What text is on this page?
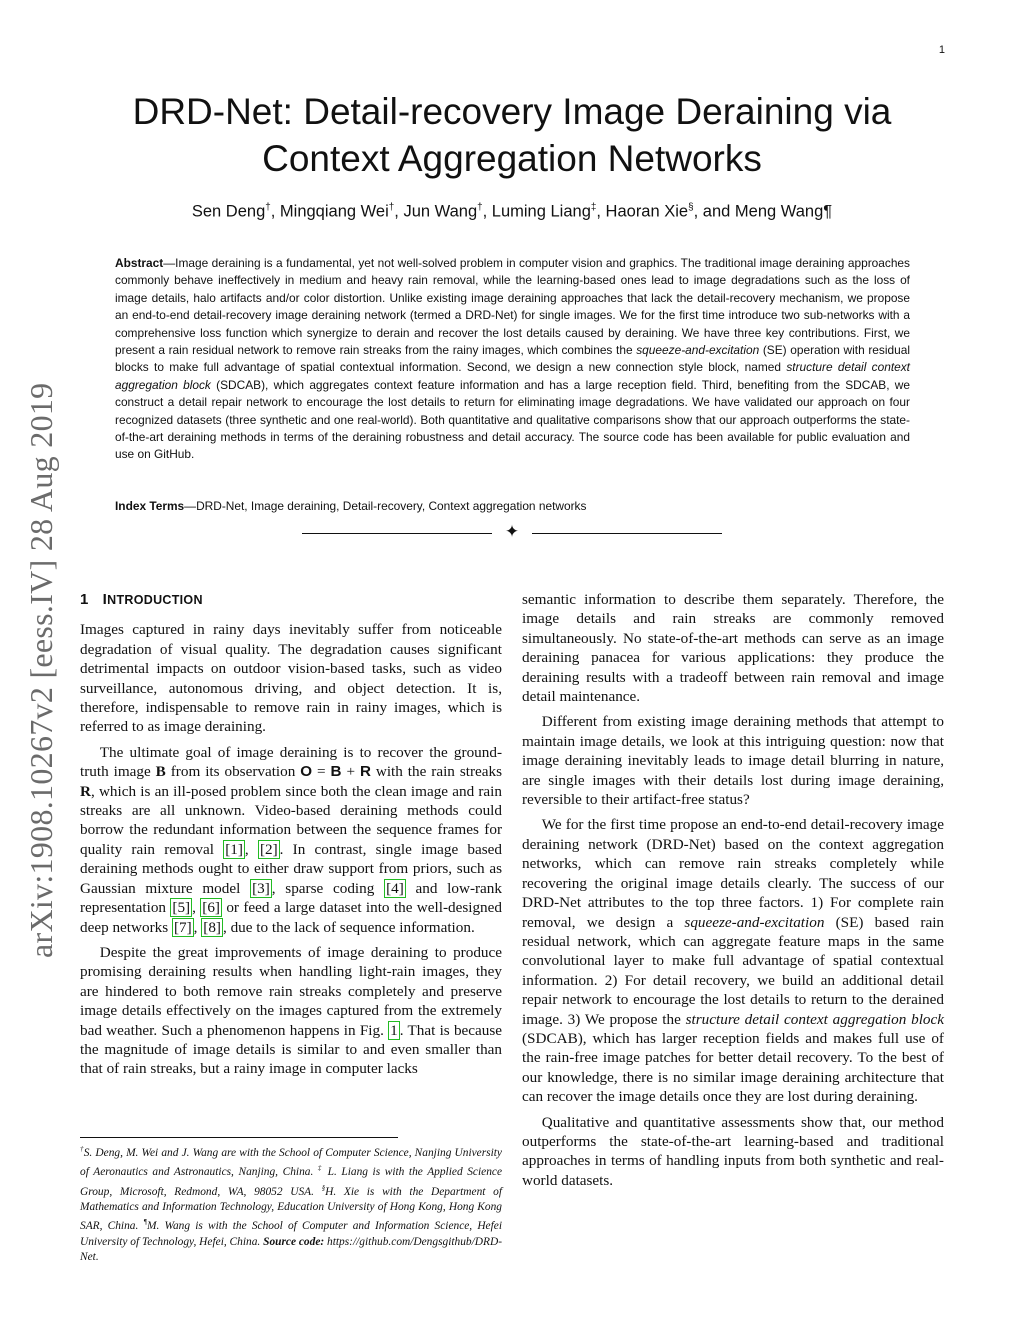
1
arXiv:1908.10267v2 [eess.IV] 28 Aug 2019
DRD-Net: Detail-recovery Image Deraining via
Context Aggregation Networks
Sen Deng†, Mingqiang Wei†, Jun Wang†, Luming Liang‡, Haoran Xie§, and Meng Wang¶

Abstract—Image deraining is a fundamental, yet not well-solved problem in computer vision and graphics. The traditional image deraining approaches commonly behave ineffectively in medium and heavy rain removal, while the learning-based ones lead to image degradations such as the loss of image details, halo artifacts and/or color distortion. Unlike existing image deraining approaches that lack the detail-recovery mechanism, we propose an end-to-end detail-recovery image deraining network (termed a DRD-Net) for single images. We for the first time introduce two sub-networks with a comprehensive loss function which synergize to derain and recover the lost details caused by deraining. We have three key contributions. First, we present a rain residual network to remove rain streaks from the rainy images, which combines the squeeze-and-excitation (SE) operation with residual blocks to make full advantage of spatial contextual information. Second, we design a new connection style block, named structure detail context aggregation block (SDCAB), which aggregates context feature information and has a large reception field. Third, benefiting from the SDCAB, we construct a detail repair network to encourage the lost details to return for eliminating image degradations. We have validated our approach on four recognized datasets (three synthetic and one real-world). Both quantitative and qualitative comparisons show that our approach outperforms the state-of-the-art deraining methods in terms of the deraining robustness and detail accuracy. The source code has been available for public evaluation and use on GitHub.

Index Terms—DRD-Net, Image deraining, Detail-recovery, Context aggregation networks

✦
1 INTRODUCTION

Images captured in rainy days inevitably suffer from noticeable degradation of visual quality. The degradation causes significant detrimental impacts on outdoor vision-based tasks, such as video surveillance, autonomous driving, and object detection. It is, therefore, indispensable to remove rain in rainy images, which is referred to as image deraining.

The ultimate goal of image deraining is to recover the ground-truth image B from its observation O = B + R with the rain streaks R, which is an ill-posed problem since both the clean image and rain streaks are all unknown. Video-based deraining methods could borrow the redundant information between the sequence frames for quality rain removal [1] , [2] . In contrast, single image based deraining methods ought to either draw support from priors, such as Gaussian mixture model [3] , sparse coding [4] and low-rank representation [5] , [6] or feed a large dataset into the well-designed deep networks [7] , [8] , due to the lack of sequence information.

Despite the great improvements of image deraining to produce promising deraining results when handling light-rain images, they are hindered to both remove rain streaks completely and preserve image details effectively on the images captured from the extremely bad weather. Such a phenomenon happens in Fig. 1 . That is because the magnitude of image details is similar to and even smaller than that of rain streaks, but a rainy image in computer lacks

semantic information to describe them separately. Therefore, the image details and rain streaks are commonly removed simultaneously. No state-of-the-art methods can serve as an image deraining panacea for various applications: they produce the deraining results with a tradeoff between rain removal and image detail maintenance.

Different from existing image deraining methods that attempt to maintain image details, we look at this intriguing question: now that image deraining inevitably leads to image detail blurring in nature, are single images with their details lost during image deraining, reversible to their artifact-free status?

We for the first time propose an end-to-end detail-recovery image deraining network (DRD-Net) based on the context aggregation networks, which can remove rain streaks completely while recovering the original image details clearly. The success of our DRD-Net attributes to the top three factors. 1) For complete rain removal, we design a squeeze-and-excitation (SE) based rain residual network, which can aggregate feature maps in the same convolutional layer to make full advantage of spatial contextual information. 2) For detail recovery, we build an additional detail repair network to encourage the lost details to return to the derained image. 3) We propose the structure detail context aggregation block (SDCAB), which has larger reception fields and makes full use of the rain-free image patches for better detail recovery. To the best of our knowledge, there is no similar image deraining architecture that can recover the image details once they are lost during deraining.

Qualitative and quantitative assessments show that, our method outperforms the state-of-the-art learning-based and traditional approaches in terms of handling inputs from both synthetic and real-world datasets.

†S. Deng, M. Wei and J. Wang are with the School of Computer Science, Nanjing University of Aeronautics and Astronautics, Nanjing, China. ‡ L. Liang is with the Applied Science Group, Microsoft, Redmond, WA, 98052 USA. §H. Xie is with the Department of Mathematics and Information Technology, Education University of Hong Kong, Hong Kong SAR, China. ¶M. Wang is with the School of Computer and Information Science, Hefei University of Technology, Hefei, China. Source code: https://github.com/Dengsgithub/DRD-Net.
